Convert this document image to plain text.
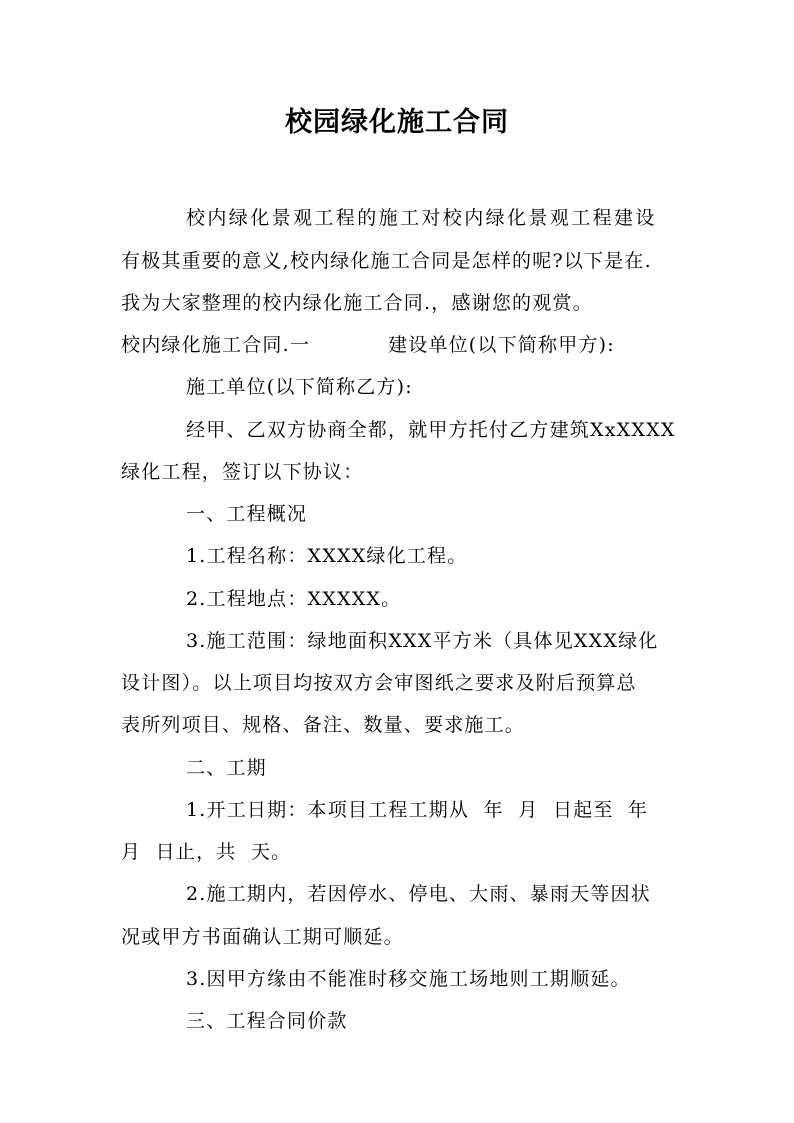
校园绿化施工合同

校内绿化景观工程的施工对校内绿化景观工程建设

有极其重要的意义,校内绿化施工合同是怎样的呢?以下是在.

我为大家整理的校内绿化施工合同.，感谢您的观赏。

校内绿化施工合同.一	建设单位(以下简称甲方):

施工单位(以下简称乙方):

经甲、乙双方协商全都，就甲方托付乙方建筑XxXXXX

绿化工程，签订以下协议：

一、工程概况

1.工程名称：XXXX绿化工程。

2.工程地点：XXXXX。

3.施工范围：绿地面积XXX平方米（具体见XXX绿化

设计图）。以上项目均按双方会审图纸之要求及附后预算总

表所列项目、规格、备注、数量、要求施工。

二、工期

1.开工日期：本项目工程工期从  年  月  日起至  年

月  日止，共  天。

2.施工期内，若因停水、停电、大雨、暴雨天等因状

况或甲方书面确认工期可顺延。

3.因甲方缘由不能准时移交施工场地则工期顺延。

三、工程合同价款
